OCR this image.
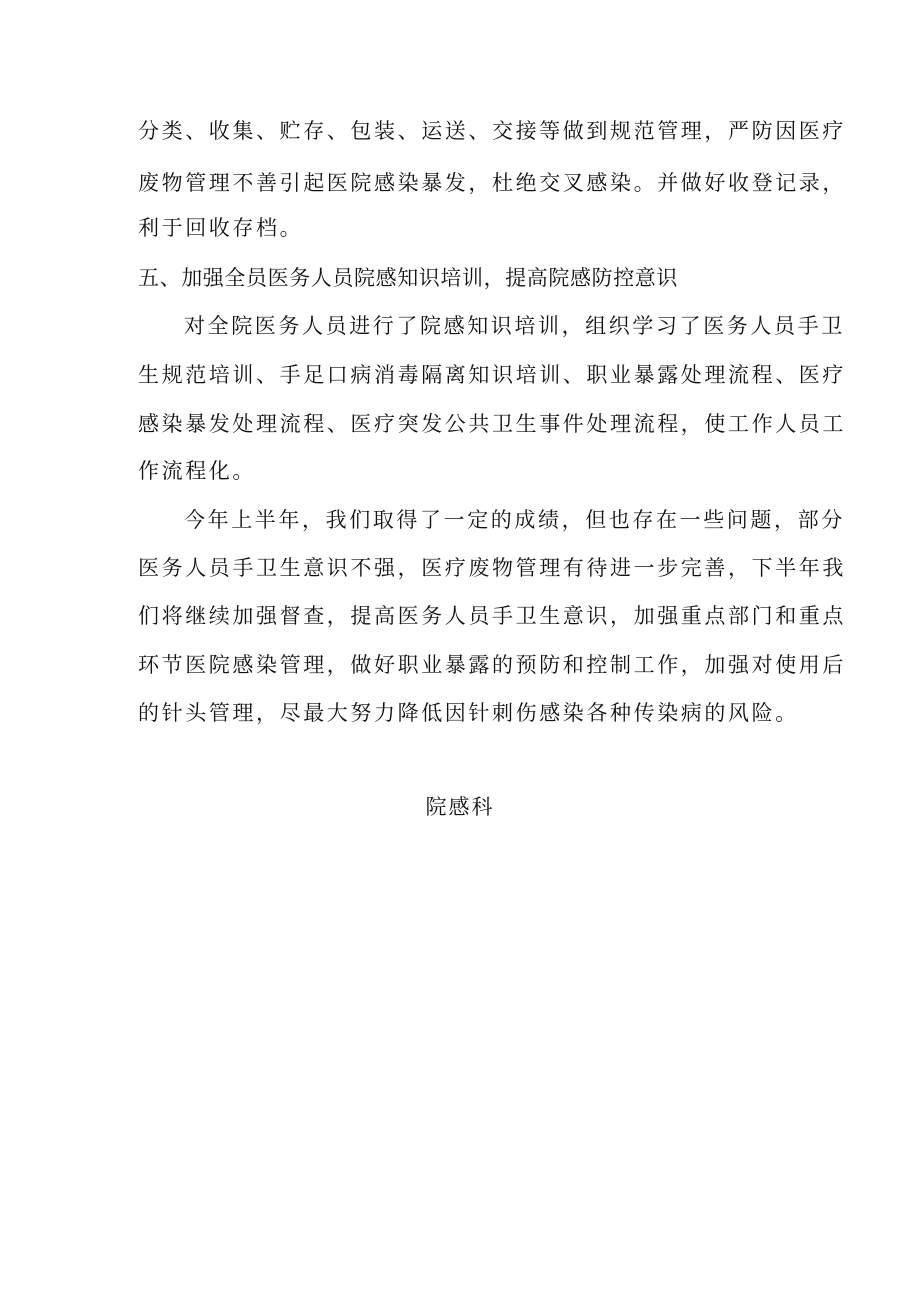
分类、收集、贮存、包装、运送、交接等做到规范管理，严防因医疗
废物管理不善引起医院感染暴发，杜绝交叉感染。并做好收登记录，
利于回收存档。
五、加强全员医务人员院感知识培训，提高院感防控意识
对全院医务人员进行了院感知识培训，组织学习了医务人员手卫
生规范培训、手足口病消毒隔离知识培训、职业暴露处理流程、医疗
感染暴发处理流程、医疗突发公共卫生事件处理流程，使工作人员工
作流程化。
今年上半年，我们取得了一定的成绩，但也存在一些问题，部分
医务人员手卫生意识不强，医疗废物管理有待进一步完善，下半年我
们将继续加强督查，提高医务人员手卫生意识，加强重点部门和重点
环节医院感染管理，做好职业暴露的预防和控制工作，加强对使用后
的针头管理，尽最大努力降低因针刺伤感染各种传染病的风险。
院感科
